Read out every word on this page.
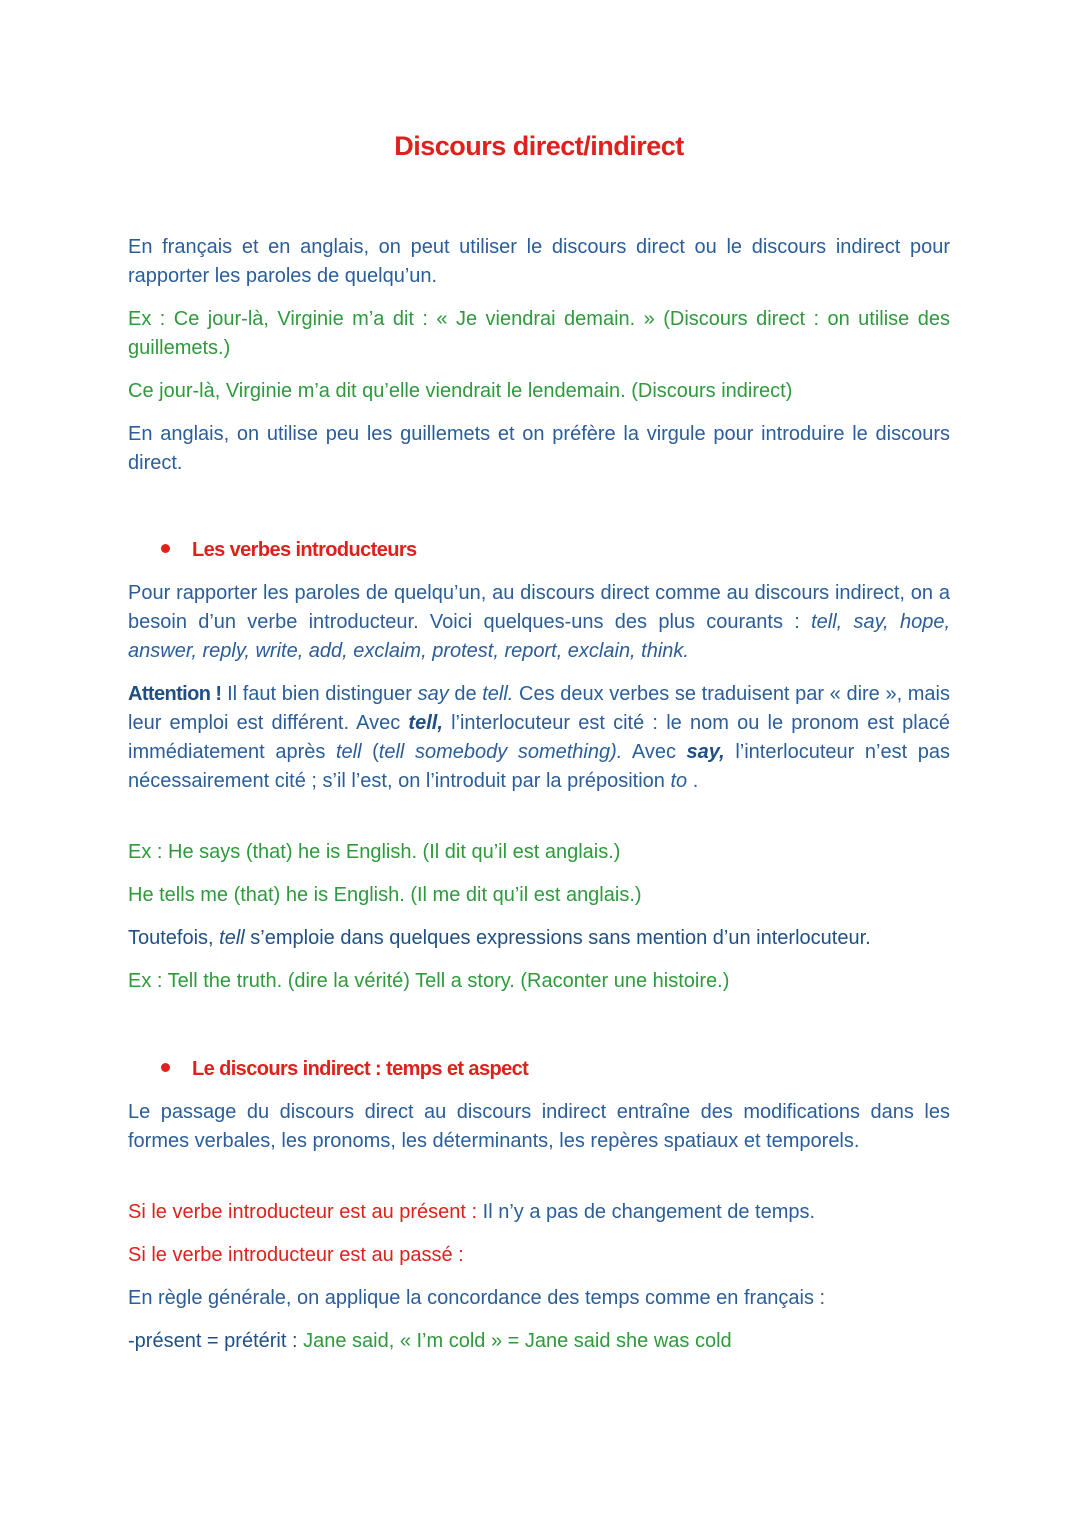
Discours direct/indirect

En français et en anglais, on peut utiliser le discours direct ou le discours indirect pour rapporter les paroles de quelqu’un.

Ex : Ce jour-là, Virginie m’a dit : « Je viendrai demain. » (Discours direct : on utilise des guillemets.)

Ce jour-là, Virginie m’a dit qu’elle viendrait le lendemain. (Discours indirect)

En anglais, on utilise peu les guillemets et on préfère la virgule pour introduire le discours direct.

Les verbes introducteurs

Pour rapporter les paroles de quelqu’un, au discours direct comme au discours indirect, on a besoin d’un verbe introducteur. Voici quelques-uns des plus courants : tell, say, hope, answer, reply, write, add, exclaim, protest, report, exclain, think.

Attention ! Il faut bien distinguer say de tell. Ces deux verbes se traduisent par « dire », mais leur emploi est différent. Avec tell, l’interlocuteur est cité : le nom ou le pronom est placé immédiatement après tell (tell somebody something). Avec say, l’interlocuteur n’est pas nécessairement cité ; s’il l’est, on l’introduit par la préposition to .

Ex : He says (that) he is English. (Il dit qu’il est anglais.)

He tells me (that) he is English. (Il me dit qu’il est anglais.)

Toutefois, tell s’emploie dans quelques expressions sans mention d’un interlocuteur.

Ex : Tell the truth. (dire la vérité) Tell a story. (Raconter une histoire.)

Le discours indirect : temps et aspect

Le passage du discours direct au discours indirect entraîne des modifications dans les formes verbales, les pronoms, les déterminants, les repères spatiaux et temporels.

Si le verbe introducteur est au présent : Il n’y a pas de changement de temps.

Si le verbe introducteur est au passé :

En règle générale, on applique la concordance des temps comme en français :

-présent = prétérit : Jane said, « I’m cold » = Jane said she was cold
